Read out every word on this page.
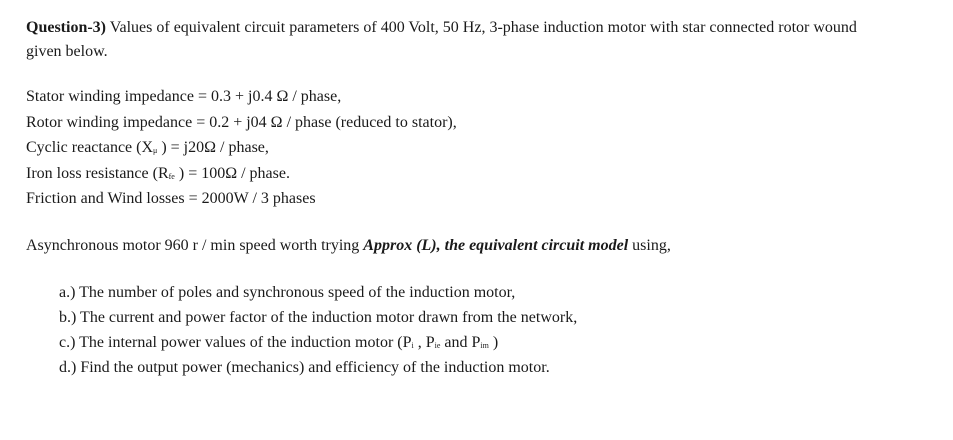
Question-3) Values of equivalent circuit parameters of 400 Volt, 50 Hz, 3-phase induction motor with star connected rotor wound
given below.
Stator winding impedance = 0.3 + j0.4 Ω / phase,
Rotor winding impedance = 0.2 + j04 Ω / phase (reduced to stator),
Cyclic reactance ($X_\mu$ ) = j20Ω / phase,
Iron loss resistance ($R_{fe}$ ) = 100Ω / phase.
Friction and Wind losses = 2000W / 3 phases
Asynchronous motor 960 r / min speed worth trying Approx (L), the equivalent circuit model using,
a.) The number of poles and synchronous speed of the induction motor,
b.) The current and power factor of the induction motor drawn from the network,
c.) The internal power values of the induction motor ($P_i$ , $P_{ie}$ and $P_{im}$ )
d.) Find the output power (mechanics) and efficiency of the induction motor.
